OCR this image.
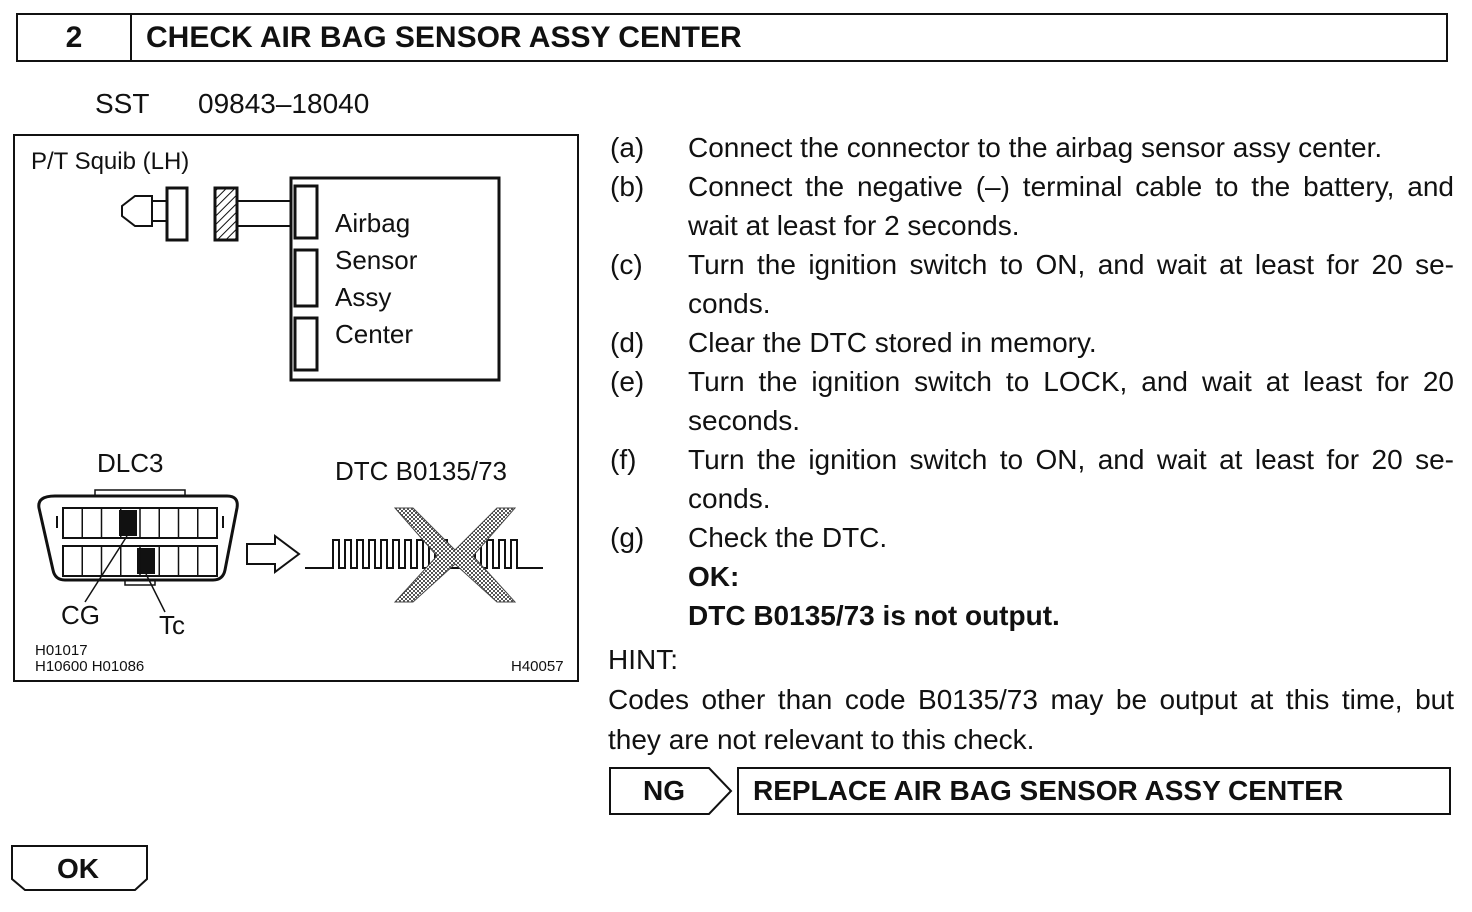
2	CHECK AIR BAG SENSOR ASSY CENTER
SST 09843–18040
P/T Squib (LH)
Airbag
Sensor
Assy
Center
DLC3	DTC B0135/73
CG Tc
H01017
H10600 H01086	H40057
(a) Connect the connector to the airbag sensor assy center.
(b) Connect the negative (–) terminal cable to the battery, and wait at least for 2 seconds.
(c) Turn the ignition switch to ON, and wait at least for 20 se-conds.
(d) Clear the DTC stored in memory.
(e) Turn the ignition switch to LOCK, and wait at least for 20 seconds.
(f) Turn the ignition switch to ON, and wait at least for 20 se-conds.
(g) Check the DTC.
OK:
DTC B0135/73 is not output.
HINT:
Codes other than code B0135/73 may be output at this time, but they are not relevant to this check.
NG	REPLACE AIR BAG SENSOR ASSY CENTER
OK
